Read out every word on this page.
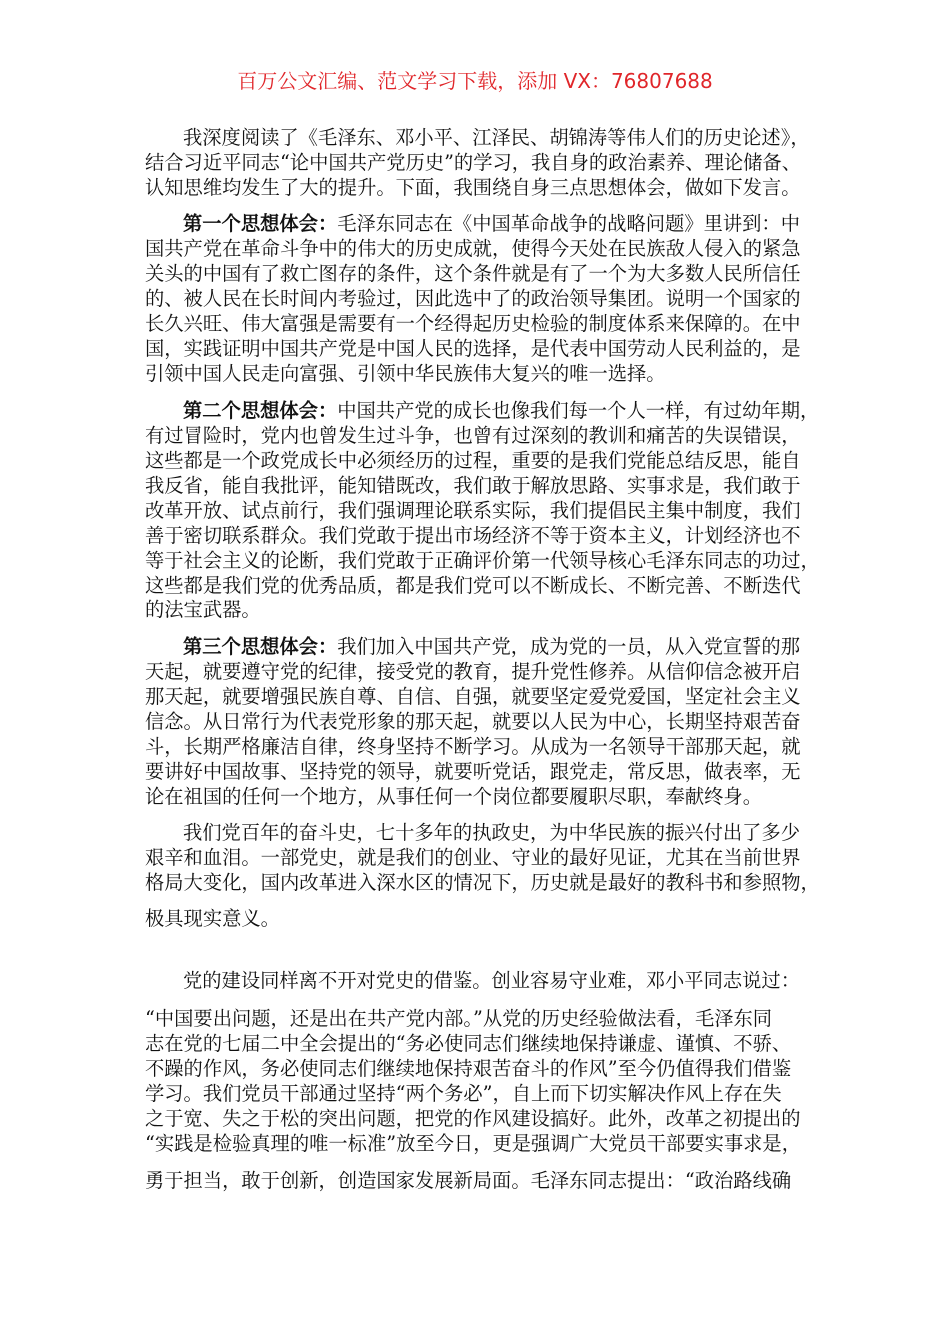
百万公文汇编、范文学习下载，添加 VX：76807688
我深度阅读了《毛泽东、邓小平、江泽民、胡锦涛等伟人们的历史论述》，
结合习近平同志“论中国共产党历史”的学习，我自身的政治素养、理论储备、
认知思维均发生了大的提升。下面，我围绕自身三点思想体会，做如下发言。
第一个思想体会：毛泽东同志在《中国革命战争的战略问题》里讲到：中
国共产党在革命斗争中的伟大的历史成就，使得今天处在民族敌人侵入的紧急
关头的中国有了救亡图存的条件，这个条件就是有了一个为大多数人民所信任
的、被人民在长时间内考验过，因此选中了的政治领导集团。说明一个国家的
长久兴旺、伟大富强是需要有一个经得起历史检验的制度体系来保障的。在中
国，实践证明中国共产党是中国人民的选择，是代表中国劳动人民利益的，是
引领中国人民走向富强、引领中华民族伟大复兴的唯一选择。
第二个思想体会：中国共产党的成长也像我们每一个人一样，有过幼年期，
有过冒险时，党内也曾发生过斗争，也曾有过深刻的教训和痛苦的失误错误，
这些都是一个政党成长中必须经历的过程，重要的是我们党能总结反思，能自
我反省，能自我批评，能知错既改，我们敢于解放思路、实事求是，我们敢于
改革开放、试点前行，我们强调理论联系实际，我们提倡民主集中制度，我们
善于密切联系群众。我们党敢于提出市场经济不等于资本主义，计划经济也不
等于社会主义的论断，我们党敢于正确评价第一代领导核心毛泽东同志的功过，
这些都是我们党的优秀品质，都是我们党可以不断成长、不断完善、不断迭代
的法宝武器。
第三个思想体会：我们加入中国共产党，成为党的一员，从入党宣誓的那
天起，就要遵守党的纪律，接受党的教育，提升党性修养。从信仰信念被开启
那天起，就要增强民族自尊、自信、自强，就要坚定爱党爱国，坚定社会主义
信念。从日常行为代表党形象的那天起，就要以人民为中心，长期坚持艰苦奋
斗，长期严格廉洁自律，终身坚持不断学习。从成为一名领导干部那天起，就
要讲好中国故事、坚持党的领导，就要听党话，跟党走，常反思，做表率，无
论在祖国的任何一个地方，从事任何一个岗位都要履职尽职，奉献终身。
我们党百年的奋斗史，七十多年的执政史，为中华民族的振兴付出了多少
艰辛和血泪。一部党史，就是我们的创业、守业的最好见证，尤其在当前世界
格局大变化，国内改革进入深水区的情况下，历史就是最好的教科书和参照物，
极具现实意义。
党的建设同样离不开对党史的借鉴。创业容易守业难，邓小平同志说过：
“中国要出问题，还是出在共产党内部。”从党的历史经验做法看，毛泽东同
志在党的七届二中全会提出的“务必使同志们继续地保持谦虚、谨慎、不骄、
不躁的作风，务必使同志们继续地保持艰苦奋斗的作风”至今仍值得我们借鉴
学习。我们党员干部通过坚持“两个务必”，自上而下切实解决作风上存在失
之于宽、失之于松的突出问题，把党的作风建设搞好。此外，改革之初提出的
“实践是检验真理的唯一标准”放至今日，更是强调广大党员干部要实事求是，
勇于担当，敢于创新，创造国家发展新局面。毛泽东同志提出：“政治路线确
